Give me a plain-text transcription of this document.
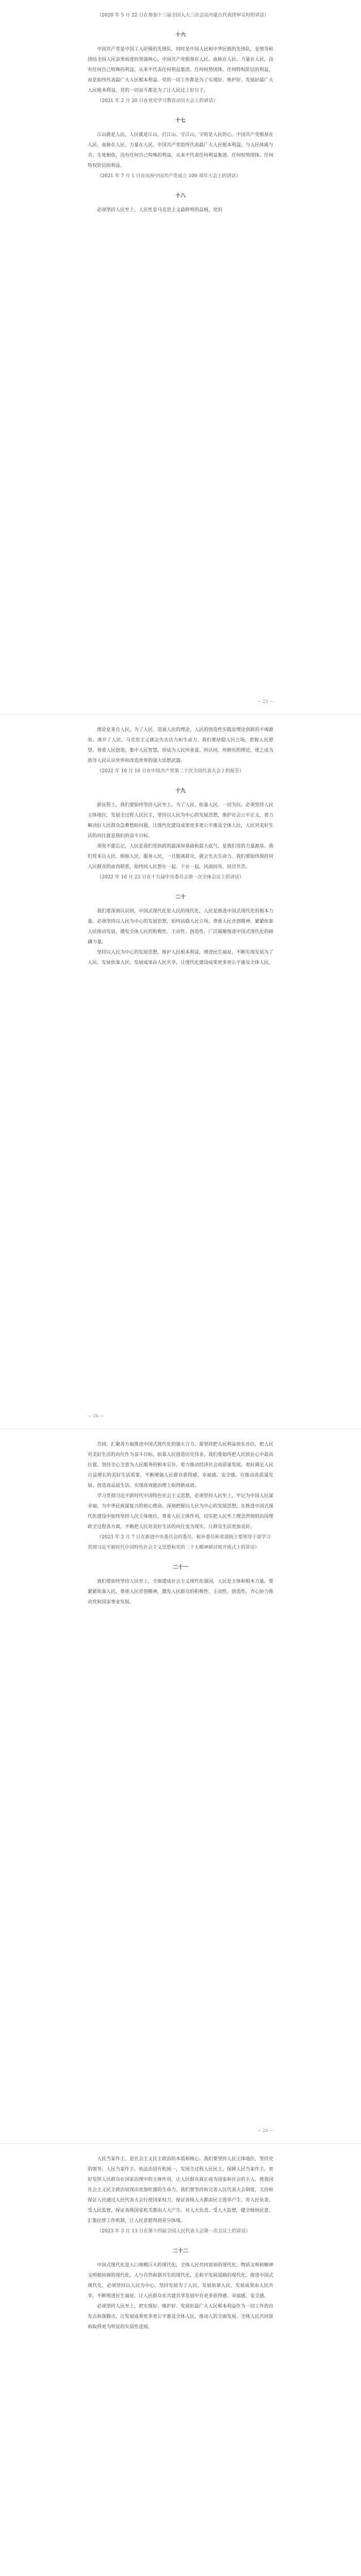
（2020 年 5 月 22 日在参加十三届全国人大三次会议内蒙古代表团审议时的讲话）

十六

中国共产党是中国工人阶级的先锋队，同时是中国人民和中华民族的先锋队，是领导和团结全国人民奋勇前进的坚强核心。中国共产党根基在人民、血脉在人民、力量在人民，没有任何自己特殊的利益，从来不代表任何利益集团、任何权势团体、任何特权阶层的利益，而是始终代表最广大人民根本利益。党的一切工作都是为了实现好、维护好、发展好最广大人民根本利益，党的一切奋斗都是为了让人民过上好日子。

（2021 年 2 月 20 日在党史学习教育动员大会上的讲话）

十七

江山就是人民，人民就是江山。打江山、守江山，守的是人民的心。中国共产党根基在人民、血脉在人民、力量在人民。中国共产党始终代表最广大人民根本利益，与人民休戚与共、生死相依，没有任何自己特殊的利益，从来不代表任何利益集团、任何权势团体、任何特权阶层的利益。

（2021 年 7 月 1 日在庆祝中国共产党成立 100 周年大会上的讲话）

十八

必须坚持人民至上。人民性是马克思主义最鲜明的品格，党的

— 23 —

理论是来自人民、为了人民、造福人民的理论，人民的创造性实践是理论创新的不竭源泉。离开了人民，马克思主义就会失去活力和生命力。我们要站稳人民立场，把握人民愿望，尊重人民创造，集中人民智慧，形成为人民所喜爱、所认同、所拥有的理论，使之成为指导人民认识世界和改造世界的强大思想武器。

（2022 年 10 月 16 日在中国共产党第二十次全国代表大会上的报告）

十九

新征程上，我们要始终坚持人民至上。为了人民、依靠人民、一切为民。必须坚持人民主体地位，发展全过程人民民主，坚持以人民为中心的发展思想，维护社会公平正义，着力解决好人民群众急难愁盼问题，让现代化建设成果更多更公平惠及全体人民，人民对美好生活的向往就是我们的奋斗目标。

须臾不能忘记，人民是我们党执政的最深厚基础和最大底气，是我们党的力量源泉。我们党来自人民、植根人民、服务人民，一旦脱离群众，就会失去生命力。我们要始终保持同人民群众的血肉联系，始终同人民想在一起、干在一起，风雨同舟、同甘共苦。

（2022 年 10 月 23 日在十九届中央委员会第一次全体会议上的讲话）

二十

我们要深刻认识到，中国式现代化是人民的现代化，人民是推进中国式现代化的根本力量。必须坚持以人民为中心的发展思想，始终站稳人民立场，尊重人民首创精神，紧紧依靠人民推动发展，激发全体人民的积极性、主动性、创造性，广泛凝聚推进中国式现代化的磅礴力量。

坚持以人民为中心的发展思想，维护人民根本利益，增进民生福祉，不断实现发展为了人民、发展依靠人民、发展成果由人民共享，让现代化建设成果更多更公平惠及全体人民。

— 24 —

共同，汇聚各方面推进中国式现代化的强大合力。要坚持把人民利益放在首位，把人民对美好生活的向往作为奋斗目标，依靠人民创造历史伟业。我们要始终把人民放在心中最高位置，坚持全心全意为人民服务的根本宗旨，着力推动经济社会高质量发展，更好满足人民日益增长的美好生活需要，不断增强人民群众获得感、幸福感、安全感，在推动高质量发展、创造高品质生活、实现高效能治理上取得新成效。

学习贯彻习近平新时代中国特色社会主义思想，必须坚持人民至上，牢记为中国人民谋幸福、为中华民族谋复兴的初心使命，深刻把握以人民为中心的发展思想，在推进中国式现代化建设中始终坚持人民主体地位，尊重人民主体作用，切实把人民至上理念贯彻到治国理政全过程各方面，不断把人民对美好生活的向往变为现实，让群众生活更加美好。

（2023 年 2 月 7 日在新进中央委员会的委员、候补委员和省部级主要领导干部学习贯彻习近平新时代中国特色社会主义思想和党的二十大精神研讨班开班式上的讲话）

二十一

我们要始终坚持人民至上，全面建成社会主义现代化强国，人民是主体和根本力量。要紧紧依靠人民，尊重人民首创精神，激发人民群众的积极性、主动性、创造性，齐心协力推动党和国家事业发展。

— 25 —

人民当家作主，是社会主义民主政治的本质和核心。我们要坚持人民主体地位，坚持党的领导、人民当家作主、依法治国有机统一，发展全过程人民民主，保障人民当家作主，更好发挥人民群众在国家治理中的主体作用，让人民群众真正成为国家和社会的主人，使我国社会主义民主政治展现出更加旺盛的生命力。我们要坚持和完善人民代表大会制度，支持和保证人民通过人民代表大会行使国家权力，保证各级人大都由民主选举产生、对人民负责、受人民监督，保证各级国家机关都由人大产生、对人大负责、受人大监督，健全吸纳民意、汇集民智工作机制，让人民意愿得到充分体现。

（2023 年 3 月 13 日在第十四届全国人民代表大会第一次会议上的讲话）

二十二

中国式现代化是人口规模巨大的现代化，全体人民共同富裕的现代化，物质文明和精神文明相协调的现代化，人与自然和谐共生的现代化，走和平发展道路的现代化。推进中国式现代化，必须坚持以人民为中心，坚持发展为了人民、发展依靠人民、发展成果由人民共享，不断增进民生福祉，让人民群众在共建共享发展中有更多获得感、幸福感、安全感。

必须坚持人民至上，把实现好、维护好、发展好最广大人民根本利益作为一切工作的出发点和落脚点，让发展成果更多更公平惠及全体人民，推动人的全面发展、全体人民共同富裕取得更为明显的实质性进展。
